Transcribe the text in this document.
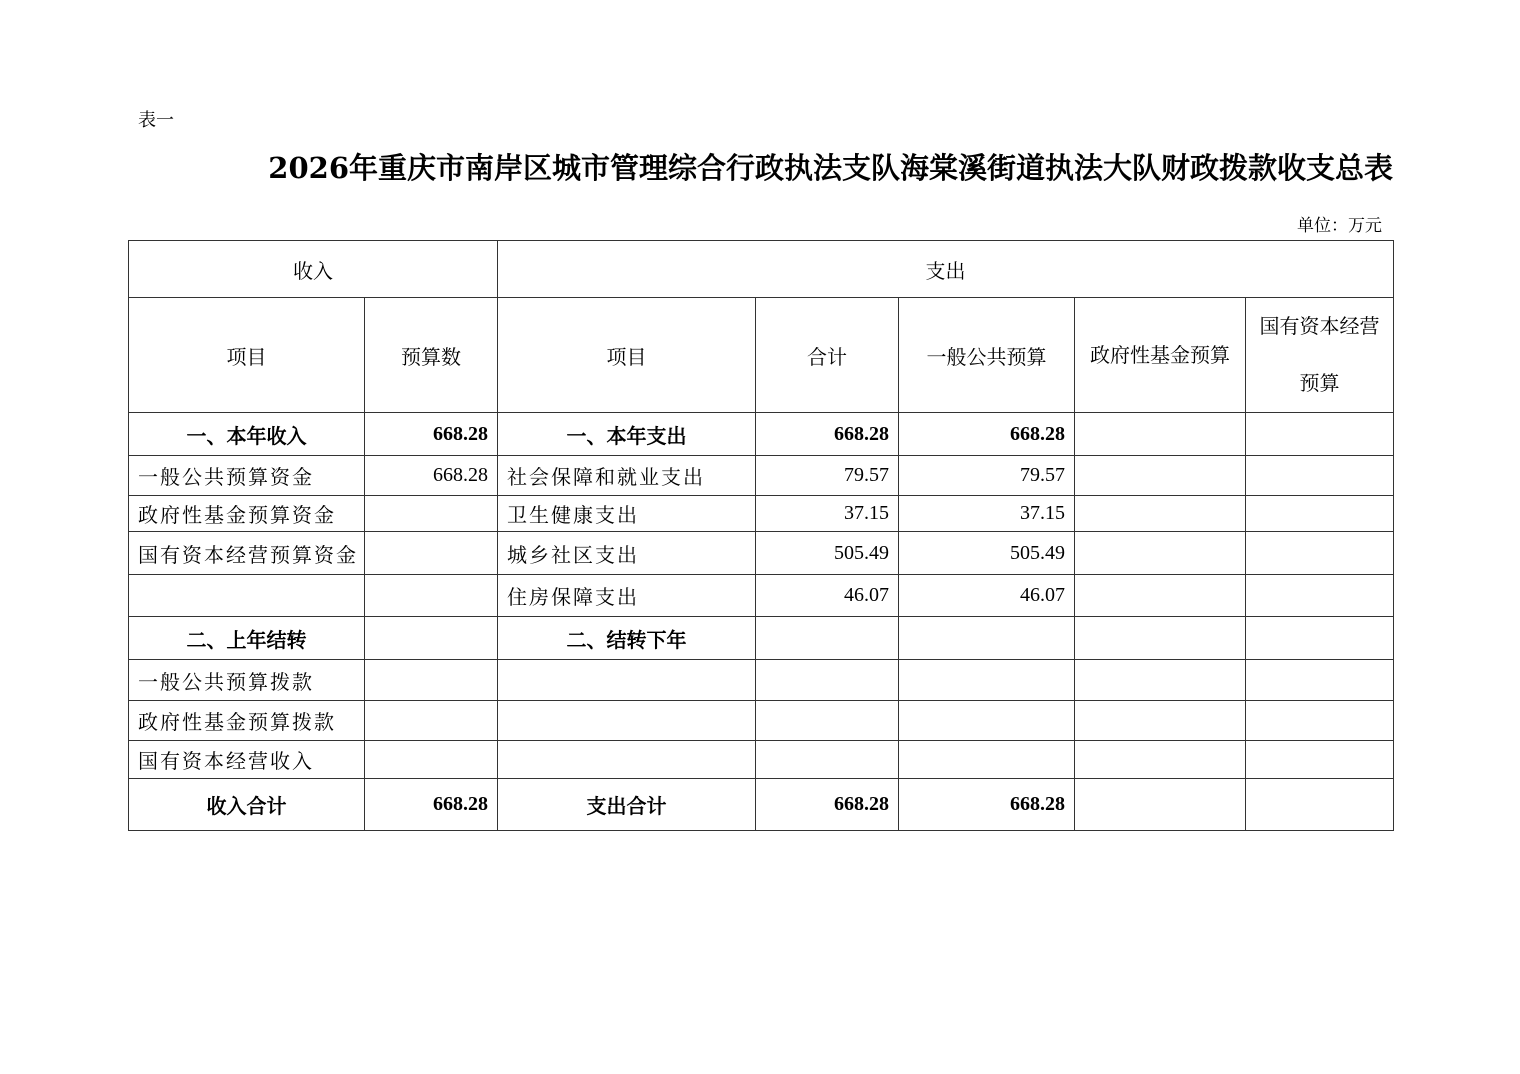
表一
2026年重庆市南岸区城市管理综合行政执法支队海棠溪街道执法大队财政拨款收支总表
单位：万元
收入		支出				
项目	预算数	项目	合计	一般公共预算	政府性基金预算	国有资本经营预算
一、本年收入	668.28	一、本年支出	668.28	668.28		
一般公共预算资金	668.28	社会保障和就业支出	79.57	79.57		
政府性基金预算资金		卫生健康支出	37.15	37.15		
国有资本经营预算资金		城乡社区支出	505.49	505.49		
		住房保障支出	46.07	46.07		
二、上年结转		二、结转下年				
一般公共预算拨款						
政府性基金预算拨款						
国有资本经营收入						
收入合计	668.28	支出合计	668.28	668.28		
